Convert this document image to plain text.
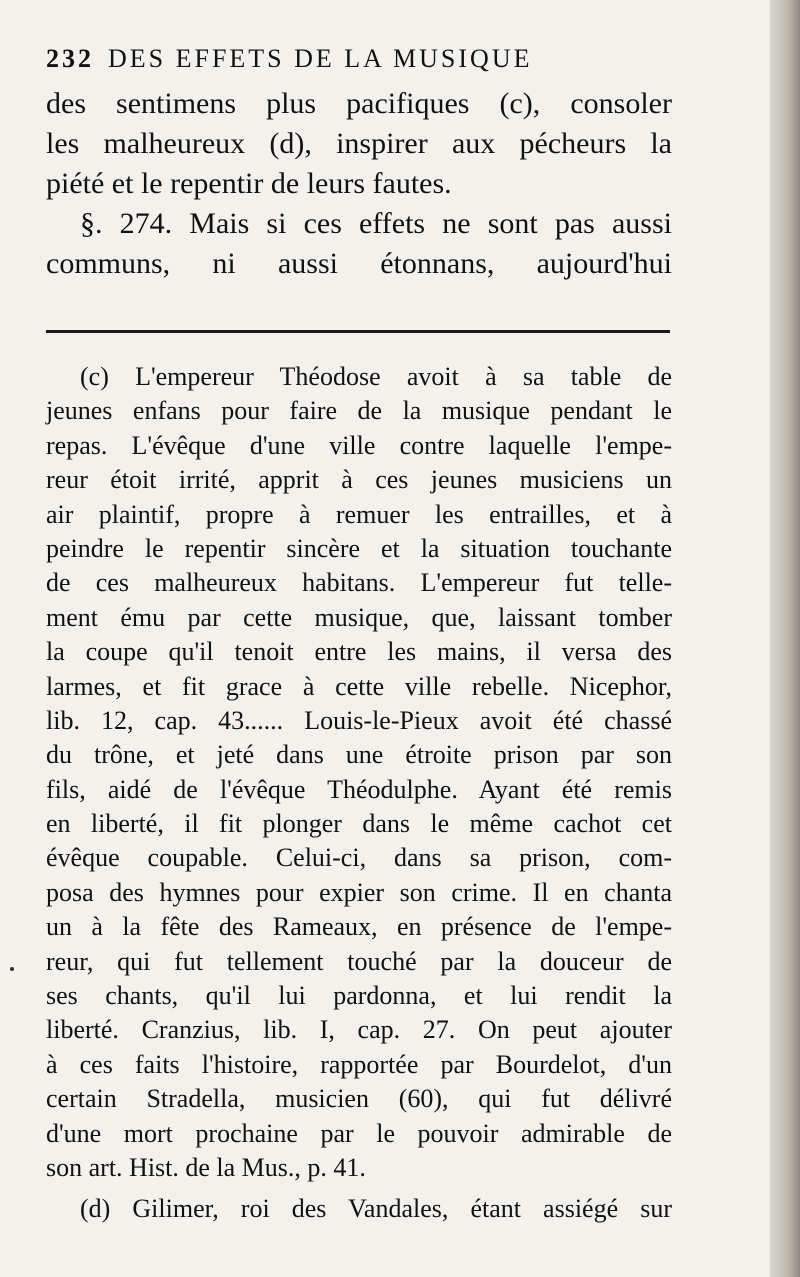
232 DES EFFETS DE LA MUSIQUE
des sentimens plus pacifiques (c), consoler
les malheureux (d), inspirer aux pécheurs la
piété et le repentir de leurs fautes.
§. 274. Mais si ces effets ne sont pas aussi
communs, ni aussi étonnans, aujourd'hui
(c) L'empereur Théodose avoit à sa table de
jeunes enfans pour faire de la musique pendant le
repas. L'évêque d'une ville contre laquelle l'empe-
reur étoit irrité, apprit à ces jeunes musiciens un
air plaintif, propre à remuer les entrailles, et à
peindre le repentir sincère et la situation touchante
de ces malheureux habitans. L'empereur fut telle-
ment ému par cette musique, que, laissant tomber
la coupe qu'il tenoit entre les mains, il versa des
larmes, et fit grace à cette ville rebelle. Nicephor,
lib. 12, cap. 43...... Louis-le-Pieux avoit été chassé
du trône, et jeté dans une étroite prison par son
fils, aidé de l'évêque Théodulphe. Ayant été remis
en liberté, il fit plonger dans le même cachot cet
évêque coupable. Celui-ci, dans sa prison, com-
posa des hymnes pour expier son crime. Il en chanta
un à la fête des Rameaux, en présence de l'empe-
reur, qui fut tellement touché par la douceur de
ses chants, qu'il lui pardonna, et lui rendit la
liberté. Cranzius, lib. I, cap. 27. On peut ajouter
à ces faits l'histoire, rapportée par Bourdelot, d'un
certain Stradella, musicien (60), qui fut délivré
d'une mort prochaine par le pouvoir admirable de
son art. Hist. de la Mus., p. 41.
(d) Gilimer, roi des Vandales, étant assiégé sur
